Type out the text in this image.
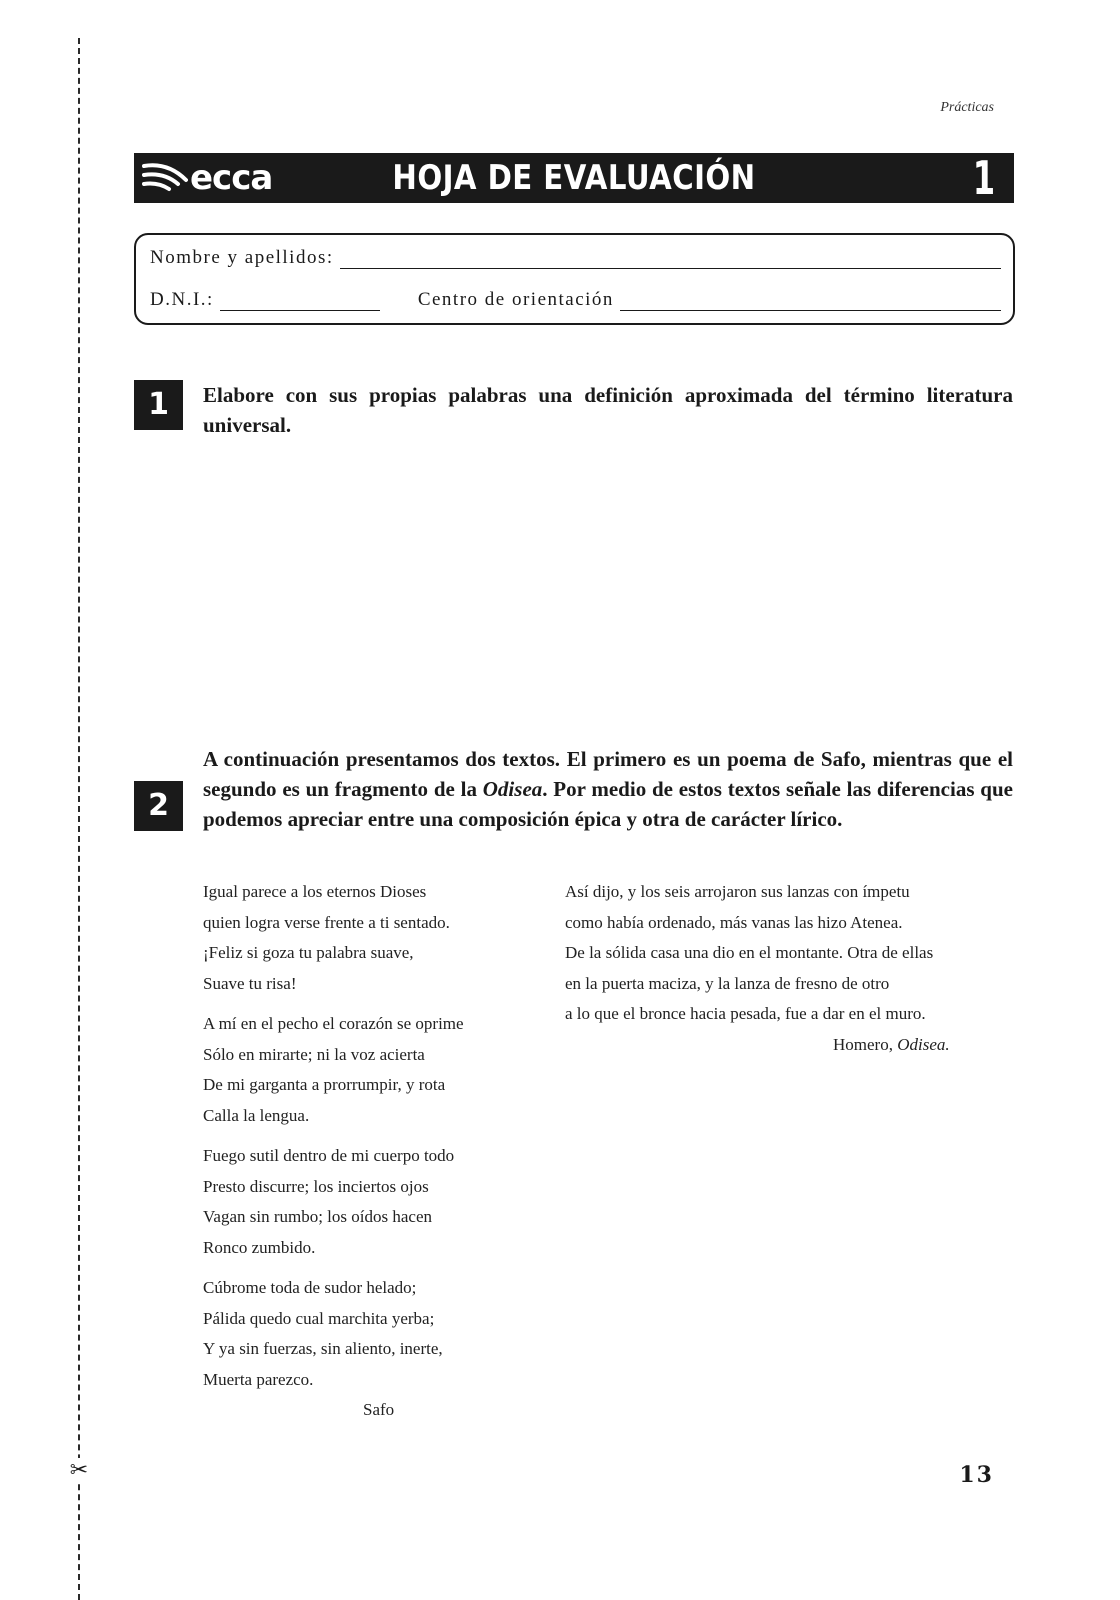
✂
Prácticas
ecca	HOJA DE EVALUACIÓN	1
Nombre y apellidos:
D.N.I.:	Centro de orientación
1	Elabore con sus propias palabras una definición aproximada del término literatura universal.
2
A continuación presentamos dos textos. El primero es un poema de Safo, mientras que el segundo es un fragmento de la Odisea. Por medio de estos textos señale las diferencias que podemos apreciar entre una composición épica y otra de carácter lírico.
Igual parece a los eternos Dioses
quien logra verse frente a ti sentado.
¡Feliz si goza tu palabra suave,
Suave tu risa!
A mí en el pecho el corazón se oprime
Sólo en mirarte; ni la voz acierta
De mi garganta a prorrumpir, y rota
Calla la lengua.
Fuego sutil dentro de mi cuerpo todo
Presto discurre; los inciertos ojos
Vagan sin rumbo; los oídos hacen
Ronco zumbido.
Cúbrome toda de sudor helado;
Pálida quedo cual marchita yerba;
Y ya sin fuerzas, sin aliento, inerte,
Muerta parezco.
Safo
Así dijo, y los seis arrojaron sus lanzas con ímpetu
como había ordenado, más vanas las hizo Atenea.
De la sólida casa una dio en el montante. Otra de ellas
en la puerta maciza, y la lanza de fresno de otro
a lo que el bronce hacia pesada, fue a dar en el muro.
Homero, Odisea.
13
